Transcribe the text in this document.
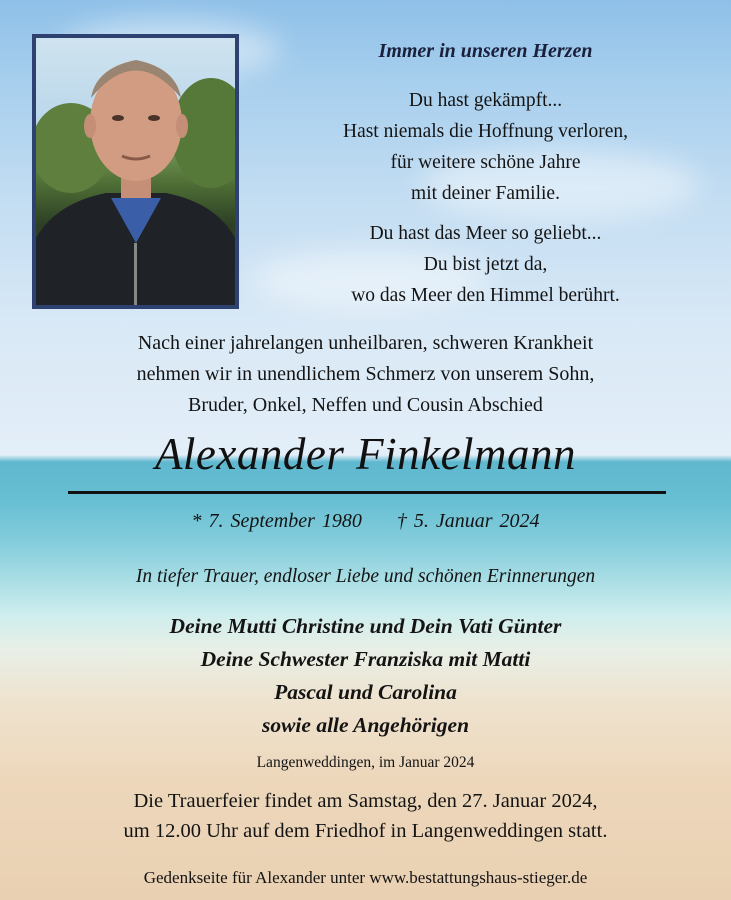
Immer in unseren Herzen
Du hast gekämpft...
Hast niemals die Hoffnung verloren,
für weitere schöne Jahre
mit deiner Familie.
Du hast das Meer so geliebt...
Du bist jetzt da,
wo das Meer den Himmel berührt.
Nach einer jahrelangen unheilbaren, schweren Krankheit
nehmen wir in unendlichem Schmerz von unserem Sohn,
Bruder, Onkel, Neffen und Cousin Abschied
Alexander Finkelmann
* 7. September 1980 † 5. Januar 2024
In tiefer Trauer, endloser Liebe und schönen Erinnerungen
Deine Mutti Christine und Dein Vati Günter
Deine Schwester Franziska mit Matti
Pascal und Carolina
sowie alle Angehörigen
Langenweddingen, im Januar 2024
Die Trauerfeier findet am Samstag, den 27. Januar 2024,
um 12.00 Uhr auf dem Friedhof in Langenweddingen statt.
Gedenkseite für Alexander unter www.bestattungshaus-stieger.de
